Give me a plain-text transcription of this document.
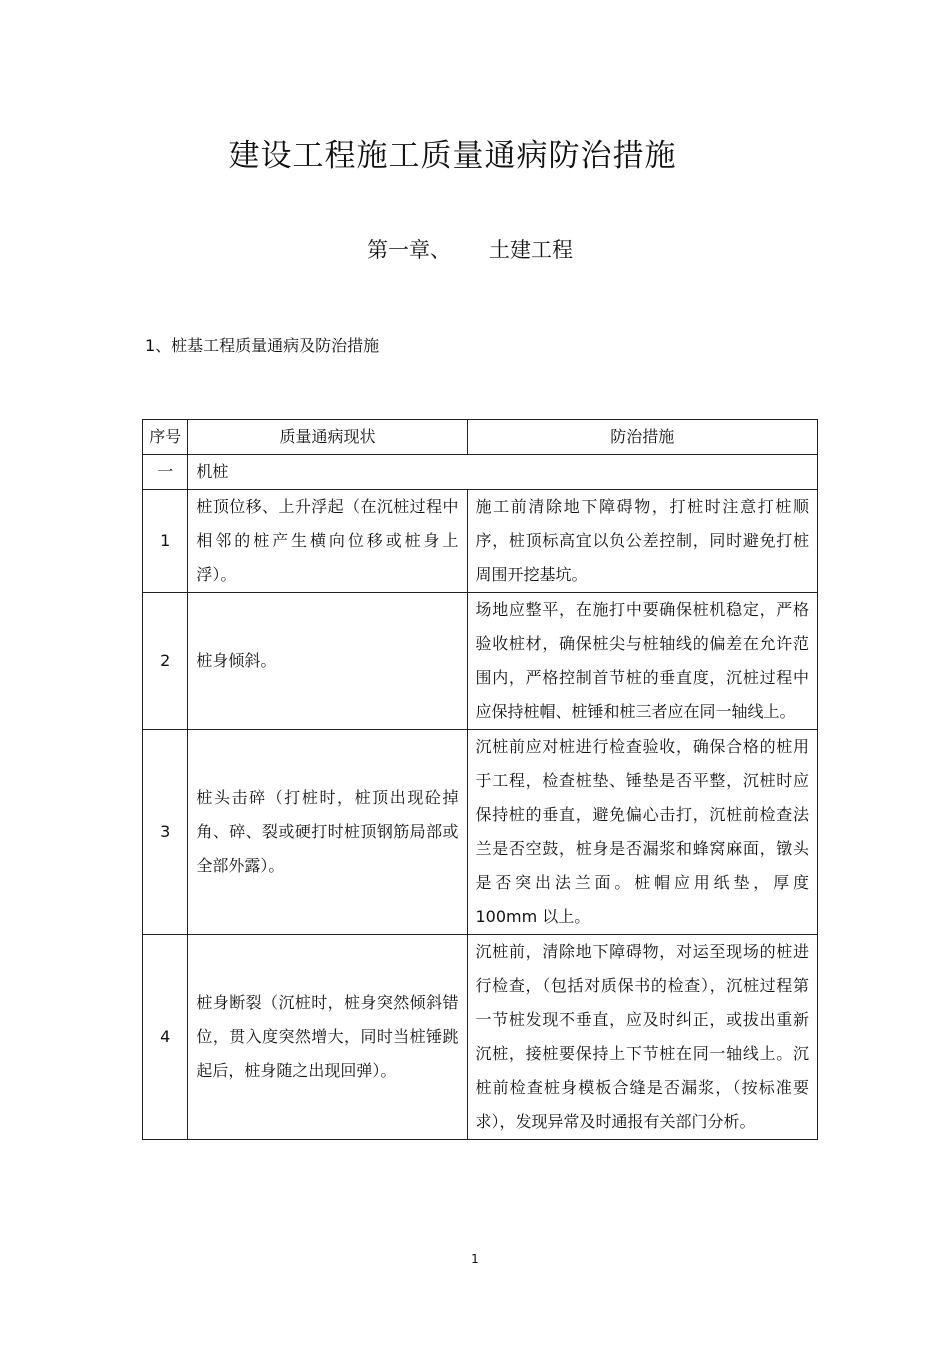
建设工程施工质量通病防治措施
第一章、 土建工程
1、桩基工程质量通病及防治措施
序号	质量通病现状	防治措施
一	机桩	
1	桩顶位移、上升浮起（在沉桩过程中相邻的桩产生横向位移或桩身上浮）。	施工前清除地下障碍物，打桩时注意打桩顺序，桩顶标高宜以负公差控制，同时避免打桩周围开挖基坑。
2	桩身倾斜。	场地应整平，在施打中要确保桩机稳定，严格验收桩材，确保桩尖与桩轴线的偏差在允许范围内，严格控制首节桩的垂直度，沉桩过程中应保持桩帽、桩锤和桩三者应在同一轴线上。
3	桩头击碎（打桩时，桩顶出现砼掉角、碎、裂或硬打时桩顶钢筋局部或全部外露）。	沉桩前应对桩进行检查验收，确保合格的桩用于工程，检查桩垫、锤垫是否平整，沉桩时应保持桩的垂直，避免偏心击打，沉桩前检查法兰是否空鼓，桩身是否漏浆和蜂窝麻面，镦头是否突出法兰面。桩帽应用纸垫，厚度 100mm 以上。
4	桩身断裂（沉桩时，桩身突然倾斜错位，贯入度突然增大，同时当桩锤跳起后，桩身随之出现回弹）。	沉桩前，清除地下障碍物，对运至现场的桩进行检查，（包括对质保书的检查），沉桩过程第一节桩发现不垂直，应及时纠正，或拔出重新沉桩，接桩要保持上下节桩在同一轴线上。沉桩前检查桩身模板合缝是否漏浆，（按标准要求），发现异常及时通报有关部门分析。
1
